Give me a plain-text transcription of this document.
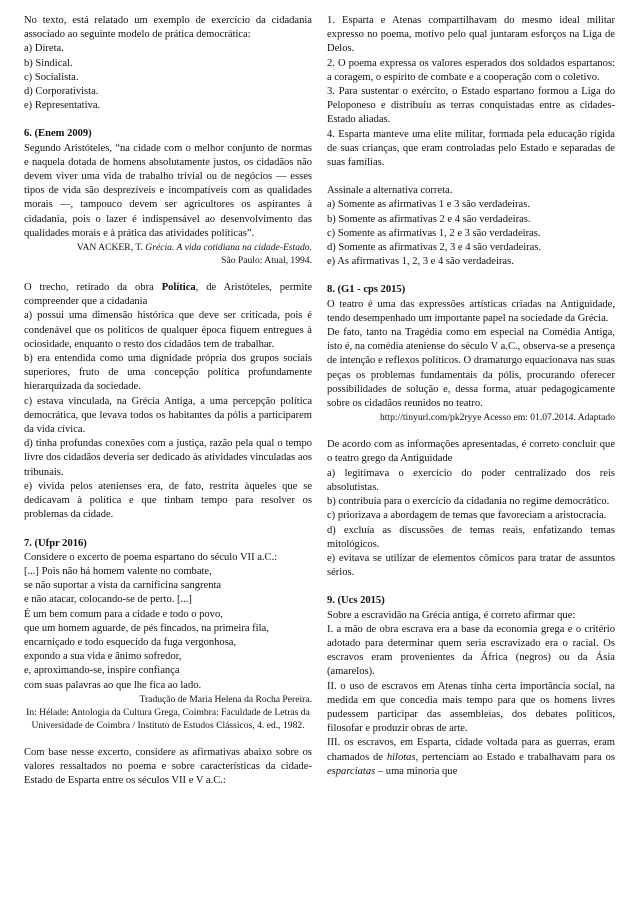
No texto, está relatado um exemplo de exercício da cidadania associado ao seguinte modelo de prática democrática:

a) Direta.

b) Sindical.

c) Socialista.

d) Corporativista.

e) Representativa.

6. (Enem 2009)

Segundo Aristóteles, “na cidade com o melhor conjunto de normas e naquela dotada de homens absolutamente justos, os cidadãos não devem viver uma vida de trabalho trivial ou de negócios — esses tipos de vida são desprezíveis e incompatíveis com as qualidades morais —, tampouco devem ser agricultores os aspirantes à cidadania, pois o lazer é indispensável ao desenvolvimento das qualidades morais e à prática das atividades políticas”.

VAN ACKER, T. Grécia. A vida cotidiana na cidade-Estado.

São Paulo: Atual, 1994.

O trecho, retirado da obra Política, de Aristóteles, permite compreender que a cidadania

a) possui uma dimensão histórica que deve ser criticada, pois é condenável que os políticos de qualquer época fiquem entregues à ociosidade, enquanto o resto dos cidadãos tem de trabalhar.

b) era entendida como uma dignidade própria dos grupos sociais superiores, fruto de uma concepção política profundamente hierarquizada da sociedade.

c) estava vinculada, na Grécia Antiga, a uma percepção política democrática, que levava todos os habitantes da pólis a participarem da vida cívica.

d) tinha profundas conexões com a justiça, razão pela qual o tempo livre dos cidadãos deveria ser dedicado às atividades vinculadas aos tribunais.

e) vivida pelos atenienses era, de fato, restrita àqueles que se dedicavam à política e que tinham tempo para resolver os problemas da cidade.

7. (Ufpr 2016)

Considere o excerto de poema espartano do século VII a.C.:

[...] Pois não há homem valente no combate,

se não suportar a vista da carnificina sangrenta

e não atacar, colocando-se de perto. [...]

É um bem comum para a cidade e todo o povo,

que um homem aguarde, de pés fincados, na primeira fila,

encarniçado e todo esquecido da fuga vergonhosa,

expondo a sua vida e ânimo sofredor,

e, aproximando-se, inspire confiança

com suas palavras ao que lhe fica ao lado.

Tradução de Maria Helena da Rocha Pereira.

In: Hélade: Antologia da Cultura Grega, Coimbra: Faculdade de Letras da Universidade de Coimbra / Instituto de Estudos Clássicos, 4. ed., 1982.

Com base nesse excerto, considere as afirmativas abaixo sobre os valores ressaltados no poema e sobre características da cidade-Estado de Esparta entre os séculos VII e V a.C.:

1. Esparta e Atenas compartilhavam do mesmo ideal militar expresso no poema, motivo pelo qual juntaram esforços na Liga de Delos.

2. O poema expressa os valores esperados dos soldados espartanos: a coragem, o espírito de combate e a cooperação com o coletivo.

3. Para sustentar o exército, o Estado espartano formou a Liga do Peloponeso e distribuiu as terras conquistadas entre as cidades-Estado aliadas.

4. Esparta manteve uma elite militar, formada pela educação rígida de suas crianças, que eram controladas pelo Estado e separadas de suas famílias.

Assinale a alternativa correta.

a) Somente as afirmativas 1 e 3 são verdadeiras.

b) Somente as afirmativas 2 e 4 são verdadeiras.

c) Somente as afirmativas 1, 2 e 3 são verdadeiras.

d) Somente as afirmativas 2, 3 e 4 são verdadeiras.

e) As afirmativas 1, 2, 3 e 4 são verdadeiras.

8. (G1 - cps 2015)

O teatro é uma das expressões artísticas criadas na Antiguidade, tendo desempenhado um importante papel na sociedade da Grécia.

De fato, tanto na Tragédia como em especial na Comédia Antiga, isto é, na comédia ateniense do século V a.C., observa-se a presença de intenção e reflexos políticos. O dramaturgo equacionava nas suas peças os problemas fundamentais da pólis, procurando oferecer possibilidades de solução e, dessa forma, atuar pedagogicamente sobre os cidadãos reunidos no teatro.

http://tinyurl.com/pk2ryye Acesso em: 01.07.2014. Adaptado

De acordo com as informações apresentadas, é correto concluir que o teatro grego da Antiguidade

a) legitimava o exercício do poder centralizado dos reis absolutistas.

b) contribuía para o exercício da cidadania no regime democrático.

c) priorizava a abordagem de temas que favoreciam a aristocracia.

d) excluía as discussões de temas reais, enfatizando temas mitológicos.

e) evitava se utilizar de elementos cômicos para tratar de assuntos sérios.

9. (Ucs 2015)

Sobre a escravidão na Grécia antiga, é correto afirmar que:

I. a mão de obra escrava era a base da economia grega e o critério adotado para determinar quem seria escravizado era o racial. Os escravos eram provenientes da África (negros) ou da Ásia (amarelos).

II. o uso de escravos em Atenas tinha certa importância social, na medida em que concedia mais tempo para que os homens livres pudessem participar das assembleias, dos debates políticos, filosofar e produzir obras de arte.

III. os escravos, em Esparta, cidade voltada para as guerras, eram chamados de hilotas, pertenciam ao Estado e trabalhavam para os esparciatas – uma minoria que
